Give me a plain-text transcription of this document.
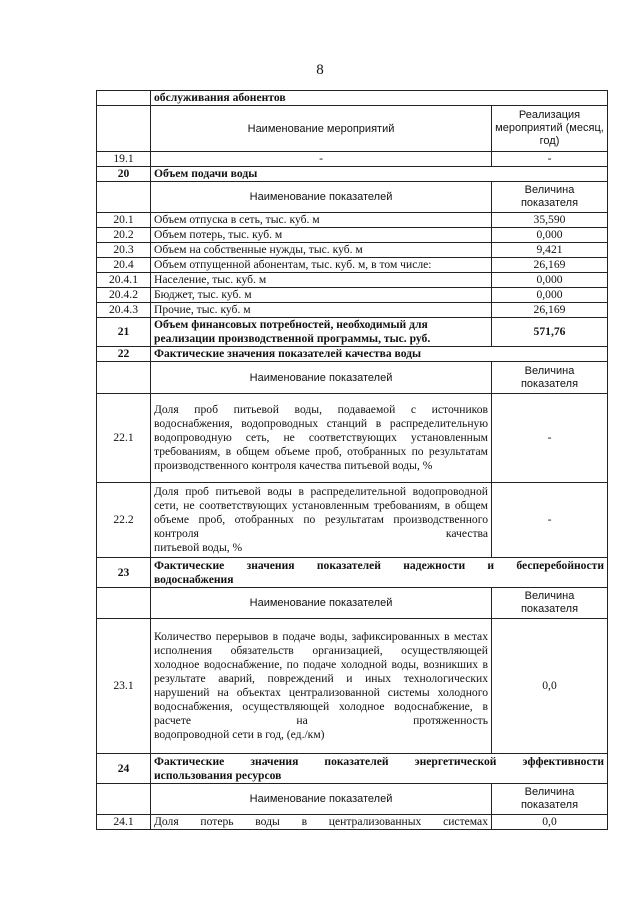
8
	обслуживания абонентов	
	Наименование мероприятий	Реализация мероприятий (месяц, год)
19.1	-	-
20	Объем подачи воды	
	Наименование показателей	Величина показателя
20.1	Объем отпуска в сеть, тыс. куб. м	35,590
20.2	Объем потерь, тыс. куб. м	0,000
20.3	Объем на собственные нужды, тыс. куб. м	9,421
20.4	Объем отпущенной абонентам, тыс. куб. м, в том числе:	26,169
20.4.1	Население, тыс. куб. м	0,000
20.4.2	Бюджет, тыс. куб. м	0,000
20.4.3	Прочие, тыс. куб. м	26,169
21	Объем финансовых потребностей, необходимый для реализации производственной программы, тыс. руб.	571,76
22	Фактические значения показателей качества воды	
	Наименование показателей	Величина показателя
22.1	Доля проб питьевой воды, подаваемой с источников водоснабжения, водопроводных станций в распределительную водопроводную сеть, не соответствующих установленным требованиям, в общем объеме проб, отобранных по результатам
производственного контроля качества питьевой воды, %	-
22.2	Доля проб питьевой воды в распределительной водопроводной сети, не соответствующих установленным требованиям, в общем объеме проб, отобранных по результатам производственного контроля качества
питьевой воды, %	-
23	Фактические значения показателей надежности и бесперебойности
водоснабжения	

	Наименование показателей	Величина показателя
23.1	Количество перерывов в подаче воды, зафиксированных в местах исполнения обязательств организацией, осуществляющей холодное водоснабжение, по подаче холодной воды, возникших в результате аварий, повреждений и иных технологических нарушений на объектах централизованной системы холодного водоснабжения, осуществляющей холодное водоснабжение, в расчете на протяженность
водопроводной сети в год, (ед./км)	0,0
24	Фактические значения показателей энергетической эффективности
использования ресурсов	

	Наименование показателей	Величина показателя
24.1	Доля потерь воды в централизованных системах	0,0
